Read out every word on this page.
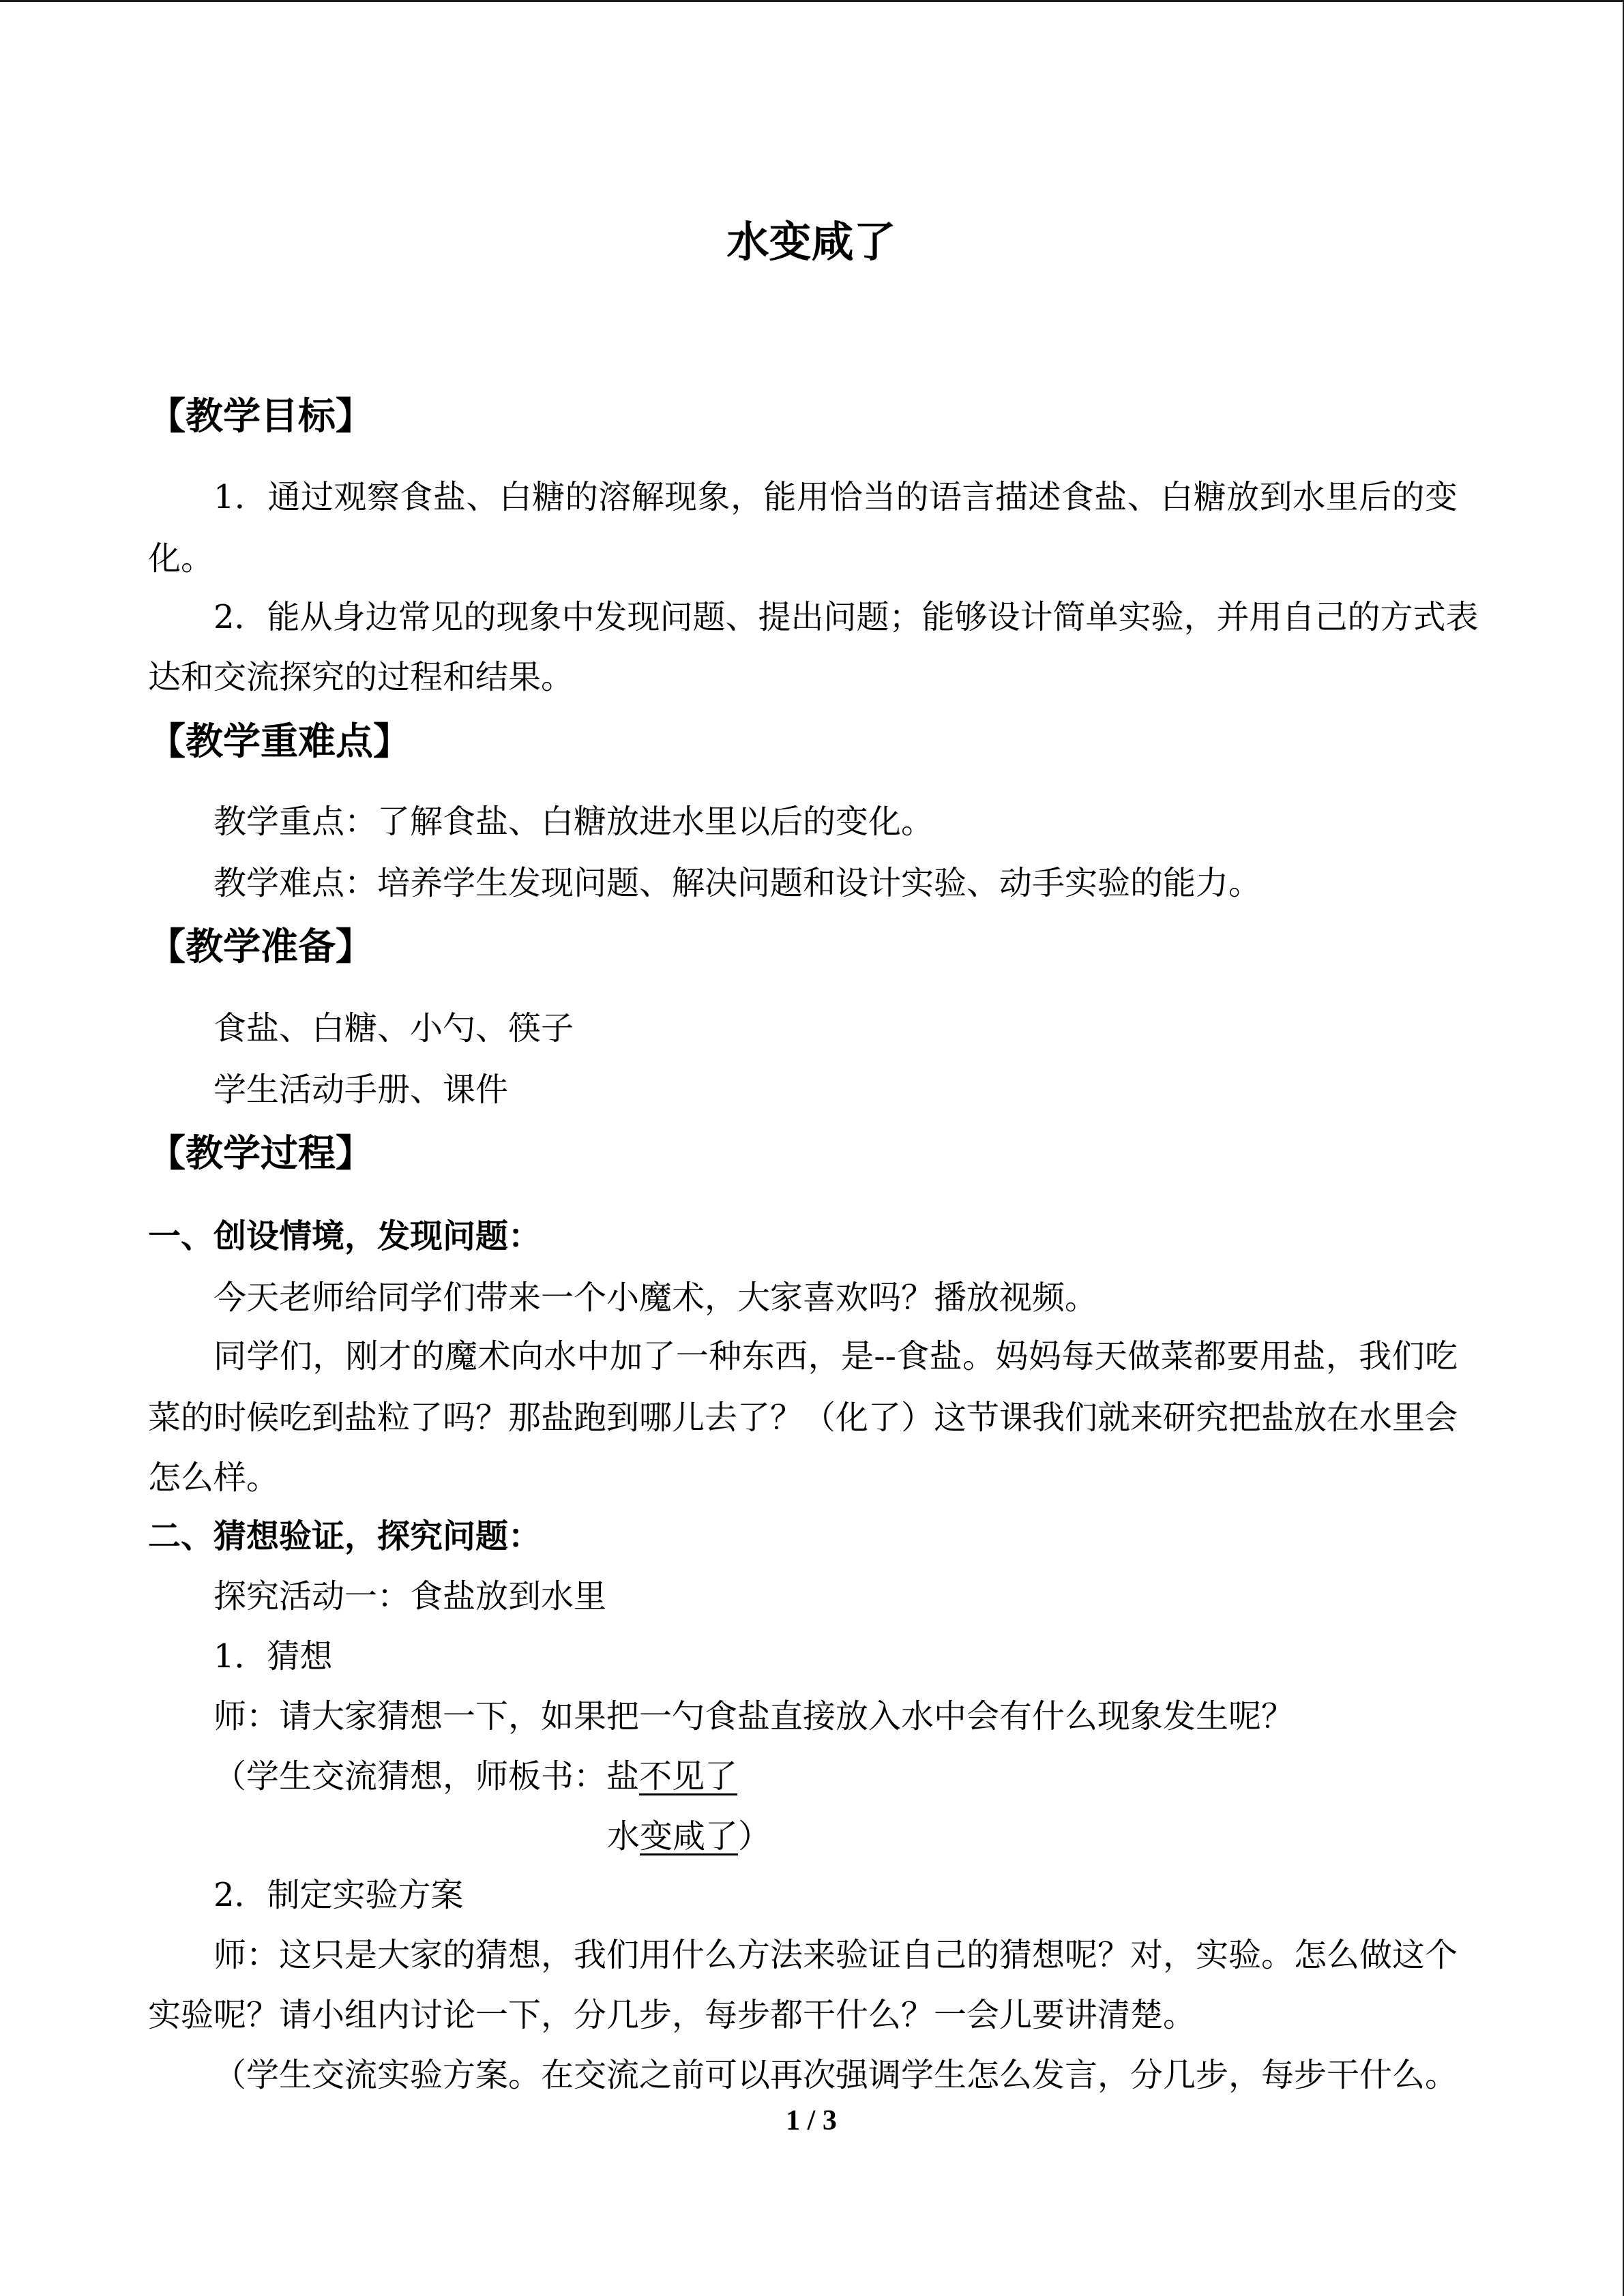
水变咸了
【教学目标】
1．通过观察食盐、白糖的溶解现象，能用恰当的语言描述食盐、白糖放到水里后的变
化。
2．能从身边常见的现象中发现问题、提出问题；能够设计简单实验，并用自己的方式表
达和交流探究的过程和结果。
【教学重难点】
教学重点：了解食盐、白糖放进水里以后的变化。
教学难点：培养学生发现问题、解决问题和设计实验、动手实验的能力。
【教学准备】
食盐、白糖、小勺、筷子
学生活动手册、课件
【教学过程】
一、创设情境，发现问题：
今天老师给同学们带来一个小魔术，大家喜欢吗？播放视频。
同学们，刚才的魔术向水中加了一种东西，是--食盐。妈妈每天做菜都要用盐，我们吃
菜的时候吃到盐粒了吗？那盐跑到哪儿去了？（化了）这节课我们就来研究把盐放在水里会
怎么样。
二、猜想验证，探究问题：
探究活动一：食盐放到水里
1．猜想
师：请大家猜想一下，如果把一勺食盐直接放入水中会有什么现象发生呢？
（学生交流猜想，师板书：盐不见了
水变咸了）
2．制定实验方案
师：这只是大家的猜想，我们用什么方法来验证自己的猜想呢？对，实验。怎么做这个
实验呢？请小组内讨论一下，分几步，每步都干什么？一会儿要讲清楚。
（学生交流实验方案。在交流之前可以再次强调学生怎么发言，分几步，每步干什么。
1 / 3
